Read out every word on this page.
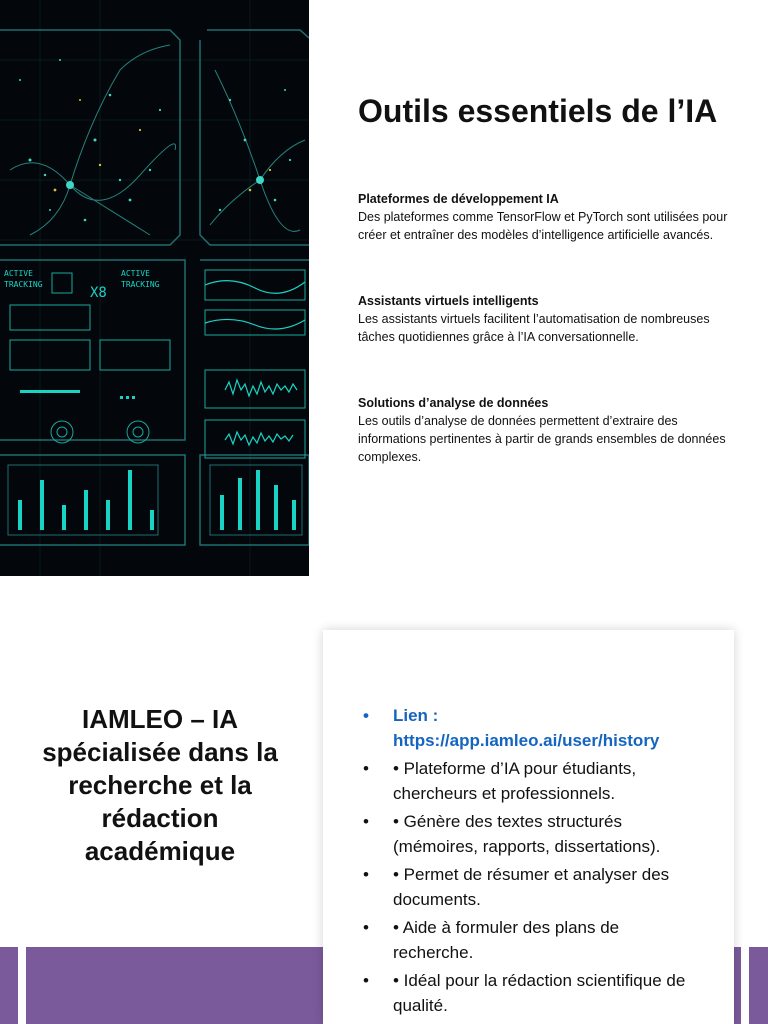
ACTIVE
TRACKING
ACTIVE
TRACKING
X8
Outils essentiels de l’IA

Plateformes de développement IA

Des plateformes comme TensorFlow et PyTorch sont utilisées pour créer et entraîner des modèles d’intelligence artificielle avancés.

Assistants virtuels intelligents

Les assistants virtuels facilitent l’automatisation de nombreuses tâches quotidiennes grâce à l’IA conversationnelle.

Solutions d’analyse de données

Les outils d’analyse de données permettent d’extraire des informations pertinentes à partir de grands ensembles de données complexes.

IAMLEO – IA spécialisée dans la recherche et la rédaction académique
• Lien : https://app.iamleo.ai/user/history
• • Plateforme d’IA pour étudiants, chercheurs et professionnels.
• • Génère des textes structurés (mémoires, rapports, dissertations).
• • Permet de résumer et analyser des documents.
• • Aide à formuler des plans de recherche.
• • Idéal pour la rédaction scientifique de qualité.
